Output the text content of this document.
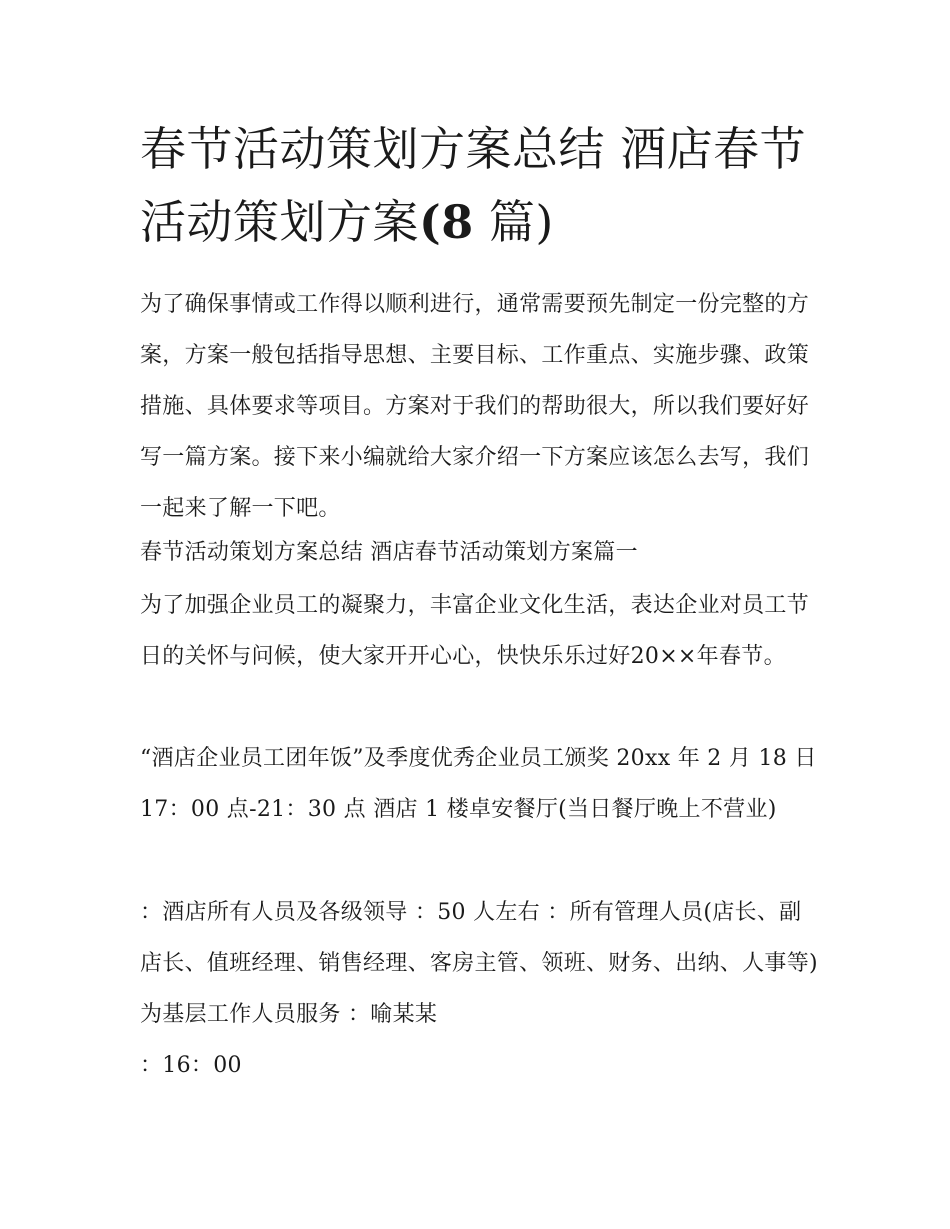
春节活动策划方案总结 酒店春节活动策划方案(8 篇)

为了确保事情或工作得以顺利进行，通常需要预先制定一份完整的方案，方案一般包括指导思想、主要目标、工作重点、实施步骤、政策措施、具体要求等项目。方案对于我们的帮助很大，所以我们要好好写一篇方案。接下来小编就给大家介绍一下方案应该怎么去写，我们一起来了解一下吧。

春节活动策划方案总结 酒店春节活动策划方案篇一

为了加强企业员工的凝聚力，丰富企业文化生活，表达企业对员工节日的关怀与问候，使大家开开心心，快快乐乐过好20××年春节。

“酒店企业员工团年饭”及季度优秀企业员工颁奖 20xx 年 2 月 18 日 17：00 点-21：30 点 酒店 1 楼卓安餐厅(当日餐厅晚上不营业)

：酒店所有人员及各级领导 ：50 人左右 ：所有管理人员(店长、副店长、值班经理、销售经理、客房主管、领班、财务、出纳、人事等)为基层工作人员服务 ：喻某某

：16：00
